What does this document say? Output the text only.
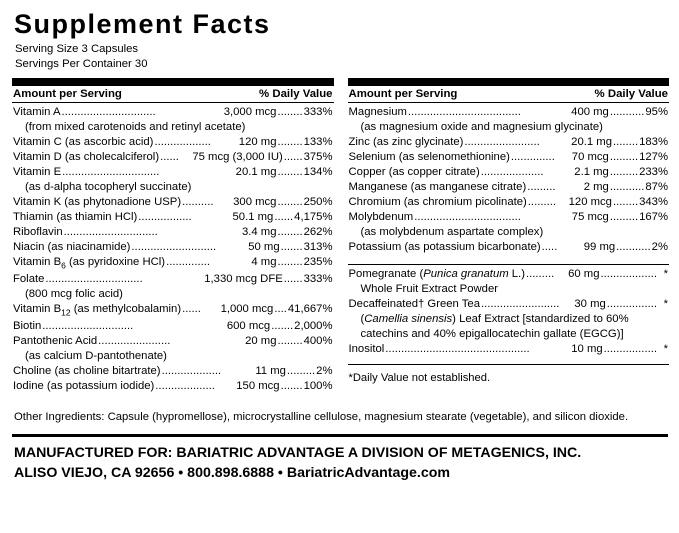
Supplement Facts
Serving Size 3 Capsules
Servings Per Container 30
Amount per Serving	% Daily Value
Vitamin A ..............................	3,000 mcg ........ 333%
(from mixed carotenoids and retinyl acetate)
Vitamin C (as ascorbic acid) ..................	120 mg ........ 133%
Vitamin D (as cholecalciferol) ......	75 mcg (3,000 IU) ...... 375%
Vitamin E ...............................	20.1 mg ........ 134%
(as d-alpha tocopheryl succinate)
Vitamin K (as phytonadione USP) ..........	300 mcg ........ 250%
Thiamin (as thiamin HCl) .................	50.1 mg ...... 4,175%
Riboflavin ..............................	3.4 mg ........ 262%
Niacin (as niacinamide) ...........................	50 mg ....... 313%
Vitamin $B_6$ (as pyridoxine HCl) ..............	4 mg ........ 235%
Folate ...............................	1,330 mcg DFE ...... 333%
(800 mcg folic acid)
Vitamin $B_{12}$ (as methylcobalamin) ......	1,000 mcg .... 41,667%
Biotin .............................	600 mcg ....... 2,000%
Pantothenic Acid .......................	20 mg ........ 400%
(as calcium D-pantothenate)
Choline (as choline bitartrate) ...................	11 mg ......... 2%
Iodine (as potassium iodide) ...................	150 mcg ....... 100%
Amount per Serving	% Daily Value
Magnesium ....................................	400 mg ........... 95%
(as magnesium oxide and magnesium glycinate)
Zinc (as zinc glycinate) ........................	20.1 mg ........ 183%
Selenium (as selenomethionine) ..............	70 mcg ......... 127%
Copper (as copper citrate) ....................	2.1 mg ......... 233%
Manganese (as manganese citrate) .........	2 mg ........... 87%
Chromium (as chromium picolinate) .........	120 mcg ........ 343%
Molybdenum ..................................	75 mcg ......... 167%
(as molybdenum aspartate complex)
Potassium (as potassium bicarbonate) .....	99 mg ........... 2%
Pomegranate (Punica granatum L.) .........	60 mg .................. *
Whole Fruit Extract Powder
Decaffeinated† Green Tea .........................	30 mg ................ *
(Camellia sinensis) Leaf Extract [standardized to 60%
catechins and 40% epigallocatechin gallate (EGCG)]
Inositol ..............................................	10 mg ................. *
*Daily Value not established.
Other Ingredients: Capsule (hypromellose), microcrystalline cellulose, magnesium stearate (vegetable), and silicon dioxide.
MANUFACTURED FOR: BARIATRIC ADVANTAGE A DIVISION OF METAGENICS, INC.
ALISO VIEJO, CA 92656 • 800.898.6888 • BariatricAdvantage.com
